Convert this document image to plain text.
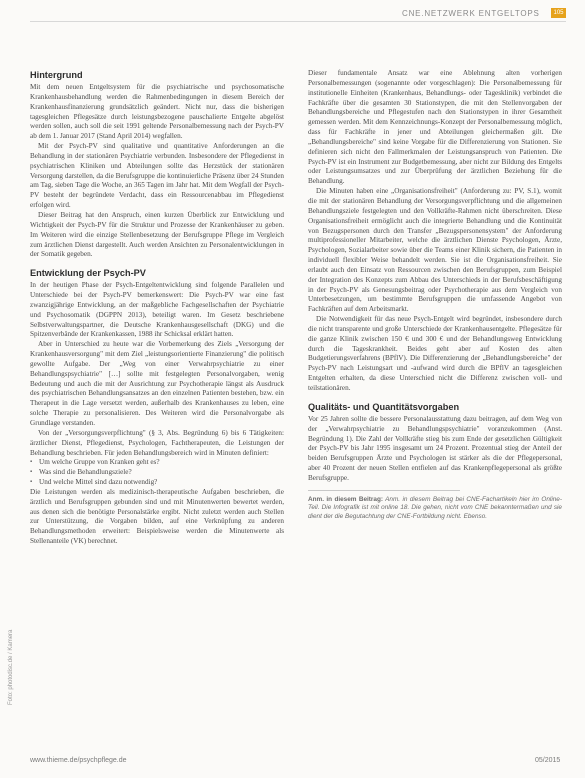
CNE.NETZWERK ENTGELTOPS	105
Hintergrund

Mit dem neuen Entgeltsystem für die psychiatrische und psychosomatische Krankenhausbehandlung werden die Rahmenbedingungen in diesem Bereich der Krankenhausfinanzierung grundsätzlich geändert. Nicht nur, dass die bisherigen tagesgleichen Pflegesätze durch leistungsbezogene pauschalierte Entgelte abgelöst werden sollen, auch soll die seit 1991 geltende Personalbemessung nach der Psych-PV ab dem 1. Januar 2017 (Stand April 2014) wegfallen.

Mit der Psych-PV sind qualitative und quantitative Anforderungen an die Behandlung in der stationären Psychiatrie verbunden. Insbesondere der Pflegedienst in psychiatrischen Kliniken und Abteilungen sollte das Herzstück der stationären Versorgung darstellen, da die Berufsgruppe die kontinuierliche Präsenz über 24 Stunden am Tag, sieben Tage die Woche, an 365 Tagen im Jahr hat. Mit dem Wegfall der Psych-PV besteht der begründete Verdacht, dass ein Ressourcenabbau im Pflegedienst erfolgen wird.

Dieser Beitrag hat den Anspruch, einen kurzen Überblick zur Entwicklung und Wichtigkeit der Psych-PV für die Struktur und Prozesse der Krankenhäuser zu geben. Im Weiteren wird die einzige Stellenbesetzung der Berufsgruppe Pflege im Vergleich zum ärztlichen Dienst dargestellt. Auch werden Ansichten zu Personalentwicklungen in der Somatik gegeben.

Entwicklung der Psych-PV

In der heutigen Phase der Psych-Entgeltentwicklung sind folgende Parallelen und Unterschiede bei der Psych-PV bemerkenswert: Die Psych-PV war eine fast zwanzigjährige Entwicklung, an der maßgebliche Fachgesellschaften der Psychiatrie und Psychosomatik (DGPPN 2013), beteiligt waren. Im Gesetz beschriebene Selbstverwaltungspartner, die Deutsche Krankenhausgesellschaft (DKG) und die Spitzenverbände der Krankenkassen, 1988 ihr Schicksal erklärt hatten.

Aber in Unterschied zu heute war die Vorbemerkung des Ziels „Versorgung der Krankenhausversorgung" mit dem Ziel „leistungsorientierte Finanzierung" die politisch gewollte Aufgabe. Der „Weg von einer Verwahrpsychiatrie zu einer Behandlungspsychiatrie" […] sollte mit festgelegten Personalvorgaben, wenig Bedeutung und auch die mit der Ausrichtung zur Psychotherapie längst als Ausdruck des psychiatrischen Behandlungsansatzes an den einzelnen Patienten bestehen, bzw. ein Therapeut in die Lage versetzt werden, außerhalb des Krankenhauses zu leben, eine solche Therapie zu personalisieren. Des Weiteren wird die Personalvorgabe als Grundlage verstanden.

Von der „Versorgungsverpflichtung" (§ 3, Abs. Begründung 6) bis 6 Tätigkeiten: ärztlicher Dienst, Pflegedienst, Psychologen, Fachtherapeuten, die Leistungen der Behandlung beschrieben. Für jeden Behandlungsbereich wird in Minuten definiert:

▪ Um welche Gruppe von Kranken geht es?
▪ Was sind die Behandlungsziele?
▪ Und welche Mittel sind dazu notwendig?

Die Leistungen werden als medizinisch-therapeutische Aufgaben beschrieben, die ärztlich und Berufsgruppen gebunden sind und mit Minutenwerten bewertet werden, aus denen sich die benötigte Personalstärke ergibt. Nicht zuletzt werden auch Stellen zur Unterstützung, die Vorgaben bilden, auf eine Verknüpfung zu anderen Behandlungsmethoden erweitert: Beispielsweise werden die Minutenwerte als Stellenanteile (VK) berechnet.

Dieser fundamentale Ansatz war eine Ablehnung alten vorherigen Personalbemessungen (sogenannte oder vorgeschlagen): Die Personalbemessung für institutionelle Einheiten (Krankenhaus, Behandlungs- oder Tagesklinik) verbindet die Fachkräfte über die gesamten 30 Stationstypen, die mit den Stellenvorgaben der Behandlungsbereiche und Pflegestufen nach den Stationstypen in ihrer Gesamtheit gemessen werden. Mit dem Kennzeichnungs-Konzept der Personalbemessung möglich, dass für Fachkräfte in jener und Abteilungen gleichermaßen gilt. Die „Behandlungsbereiche" sind keine Vorgabe für die Differenzierung von Stationen. Sie definieren sich nicht den Fallmerkmalen der Leistungsanspruch von Patienten. Die Psych-PV ist ein Instrument zur Budgetbemessung, aber nicht zur Bildung des Entgelts oder Leistungsumsatzes und zur Überprüfung der ärztlichen Beziehung für die Behandlung.

Die Minuten haben eine „Organisationsfreiheit" (Anforderung zu: PV, S.1), womit die mit der stationären Behandlung der Versorgungsverpflichtung und die allgemeinen Behandlungsziele festgelegten und den Vollkräfte-Rahmen nicht überschreiten. Diese Organisationsfreiheit ermöglicht auch die integrierte Behandlung und die Kontinuität von Bezugspersonen durch den Transfer „Bezugspersonensystem" der Anforderung multiprofessioneller Mitarbeiter, welche die ärztlichen Dienste Psychologen, Ärzte, Psychologen, Sozialarbeiter sowie über die Teams einer Klinik sichern, die Patienten in individuell flexibler Weise behandelt werden. Sie ist die Organisationsfreiheit. Sie erlaubt auch den Einsatz von Ressourcen zwischen den Berufsgruppen, zum Beispiel der Integration des Konzepts zum Abbau des Unterschieds in der Berufsbeschäftigung in der Psych-PV als Genesungsbeitrag oder Psychotherapie aus dem Vergleich von Unterbesetzungen, um bestimmte Berufsgruppen die umfassende Angebot von Fachkräften auf dem Arbeitsmarkt.

Die Notwendigkeit für das neue Psych-Entgelt wird begründet, insbesondere durch die nicht transparente und große Unterschiede der Krankenhausentgelte. Pflegesätze für die ganze Klinik zwischen 150 € und 300 € und der Behandlungsweg Entwicklung durch die Tageskrankheit. Beides geht aber auf Kosten des alten Budgetierungsverfahrens (BPflV). Die Differenzierung der „Behandlungsbereiche" der Psych-PV nach Leistungsart und -aufwand wird durch die BPflV an tagesgleichen Entgelten erhalten, da diese Unterschied nicht die Differenz zwischen voll- und teilstationären.

Qualitäts- und Quantitätsvorgaben

Vor 25 Jahren sollte die bessere Personalausstattung dazu beitragen, auf dem Weg von der „Verwahrpsychiatrie zu Behandlungspsychiatrie" voranzukommen (Anst. Begründung 1). Die Zahl der Vollkräfte stieg bis zum Ende der gesetzlichen Gültigkeit der Psych-PV bis Jahr 1995 insgesamt um 24 Prozent. Prozentual stieg der Anteil der beiden Berufsgruppen Ärzte und Psychologen ist stärker als die der Pflegepersonal, aber 40 Prozent der neuen Stellen entfielen auf das Krankenpflegepersonal als größte Berufsgruppe.

Anm. in diesem Beitrag: Anm. in diesem Beitrag bei CNE-Fachartikeln hier im Online-Teil. Die Infografik ist mit online 18. Die gehen, nicht vom CNE bekanntermaßen und sie dient der die Begutachtung der CNE-Fortbildung nicht. Ebenso.
Foto: photodisc.de / Kamera
www.thieme.de/psychpflege.de	05/2015
